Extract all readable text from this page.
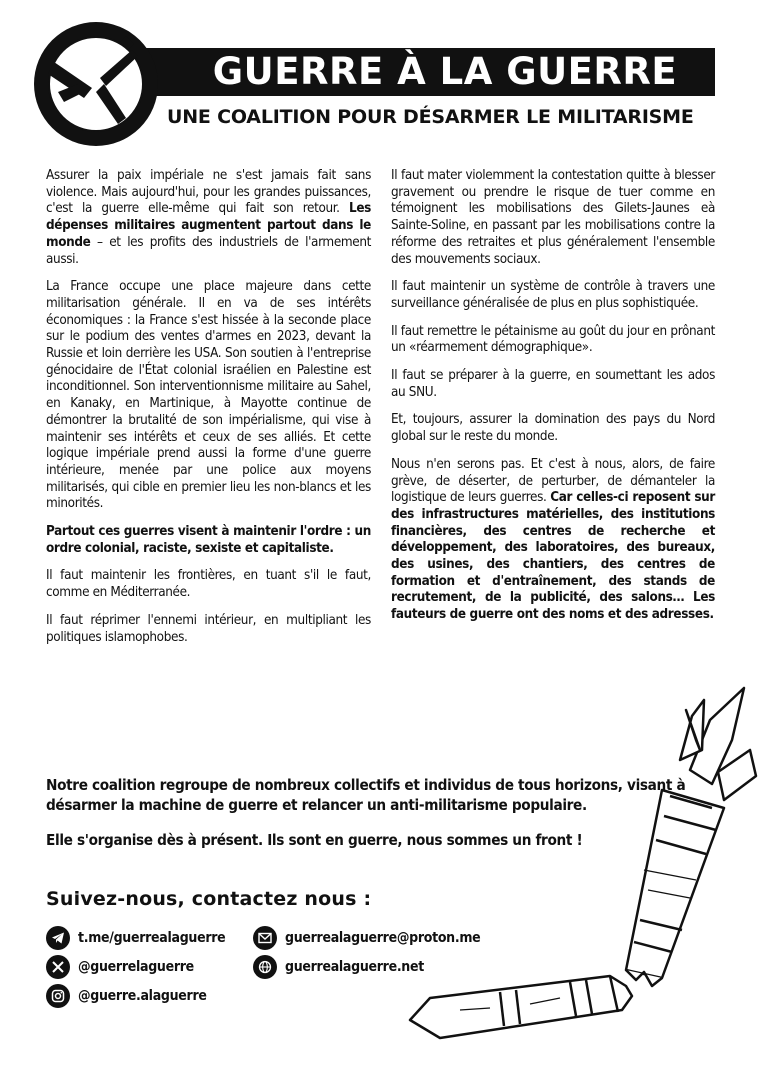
GUERRE À LA GUERRE
UNE COALITION POUR DÉSARMER LE MILITARISME

Assurer la paix impériale ne s'est jamais fait sans violence. Mais aujourd'hui, pour les grandes puissances, c'est la guerre elle-même qui fait son retour. Les dépenses militaires augmentent partout dans le monde – et les profits des industriels de l'armement aussi.

La France occupe une place majeure dans cette militarisation générale. Il en va de ses intérêts économiques : la France s'est hissée à la seconde place sur le podium des ventes d'armes en 2023, devant la Russie et loin derrière les USA. Son soutien à l'entreprise génocidaire de l'État colonial israélien en Palestine est inconditionnel. Son interventionnisme militaire au Sahel, en Kanaky, en Martinique, à Mayotte continue de démontrer la brutalité de son impérialisme, qui vise à maintenir ses intérêts et ceux de ses alliés. Et cette logique impériale prend aussi la forme d'une guerre intérieure, menée par une police aux moyens militarisés, qui cible en premier lieu les non-blancs et les minorités.

Partout ces guerres visent à maintenir l'ordre : un ordre colonial, raciste, sexiste et capitaliste.

Il faut maintenir les frontières, en tuant s'il le faut, comme en Méditerranée.

Il faut réprimer l'ennemi intérieur, en multipliant les politiques islamophobes.

Il faut mater violemment la contestation quitte à blesser gravement ou prendre le risque de tuer comme en témoignent les mobilisations des Gilets-Jaunes eà Sainte-Soline, en passant par les mobilisations contre la réforme des retraites et plus généralement l'ensemble des mouvements sociaux.

Il faut maintenir un système de contrôle à travers une surveillance généralisée de plus en plus sophistiquée.

Il faut remettre le pétainisme au goût du jour en prônant un «réarmement démographique».

Il faut se préparer à la guerre, en soumettant les ados au SNU.

Et, toujours, assurer la domination des pays du Nord global sur le reste du monde.

Nous n'en serons pas. Et c'est à nous, alors, de faire grève, de déserter, de perturber, de démanteler la logistique de leurs guerres. Car celles-ci reposent sur des infrastructures matérielles, des institutions financières, des centres de recherche et développement, des laboratoires, des bureaux, des usines, des chantiers, des centres de formation et d'entraînement, des stands de recrutement, de la publicité, des salons… Les fauteurs de guerre ont des noms et des adresses.

Notre coalition regroupe de nombreux collectifs et individus de tous horizons, visant à désarmer la machine de guerre et relancer un anti-militarisme populaire.
Elle s'organise dès à présent. Ils sont en guerre, nous sommes un front !
Suivez-nous, contactez nous :
t.me/guerrealaguerre
@guerrelaguerre
@guerre.alaguerre
guerrealaguerre@proton.me
guerrealaguerre.net
